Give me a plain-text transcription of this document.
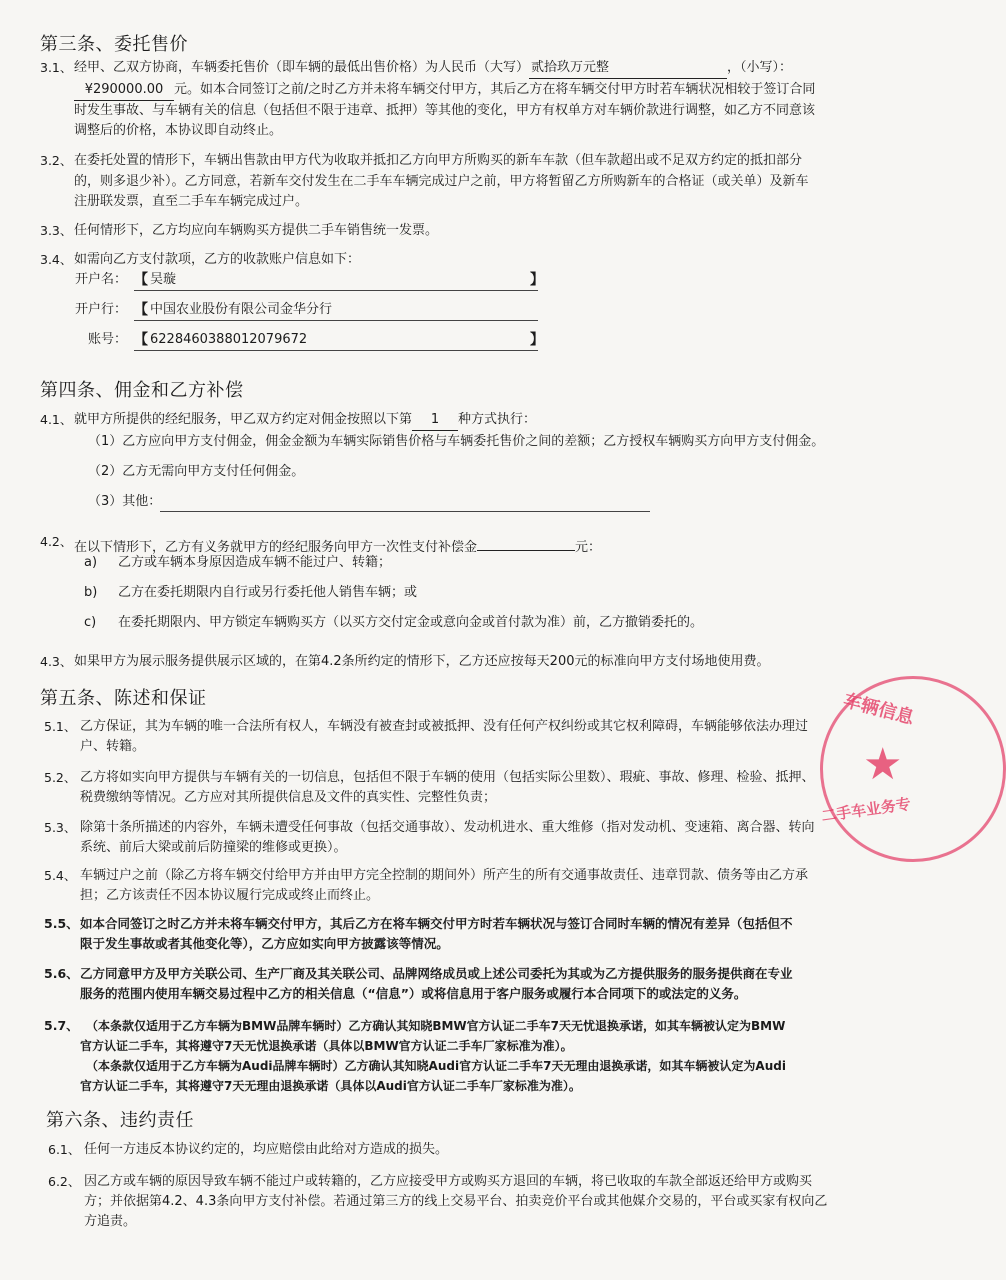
第三条、委托售价
3.1、 经甲、乙双方协商，车辆委托售价（即车辆的最低出售价格）为人民币（大写） 贰拾玖万元整	，（小写）：
¥290000.00 元。如本合同签订之前/之时乙方并未将车辆交付甲方，其后乙方在将车辆交付甲方时若车辆状况相较于签订合同
时发生事故、与车辆有关的信息（包括但不限于违章、抵押）等其他的变化，甲方有权单方对车辆价款进行调整，如乙方不同意该
调整后的价格，本协议即自动终止。
3.2、 在委托处置的情形下，车辆出售款由甲方代为收取并抵扣乙方向甲方所购买的新车车款（但车款超出或不足双方约定的抵扣部分
的，则多退少补）。乙方同意，若新车交付发生在二手车车辆完成过户之前，甲方将暂留乙方所购新车的合格证（或关单）及新车
注册联发票，直至二手车车辆完成过户。
3.3、 任何情形下，乙方均应向车辆购买方提供二手车销售统一发票。
3.4、 如需向乙方支付款项，乙方的收款账户信息如下：
开户名： 【 吴璇	】
开户行： 【 中国农业股份有限公司金华分行
账号： 【 6228460388012079672	】
第四条、佣金和乙方补偿
4.1、 就甲方所提供的经纪服务，甲乙双方约定对佣金按照以下第 1 种方式执行：
（1）乙方应向甲方支付佣金，佣金金额为车辆实际销售价格与车辆委托售价之间的差额；乙方授权车辆购买方向甲方支付佣金。
（2）乙方无需向甲方支付任何佣金。
（3）其他：
4.2、 在以下情形下，乙方有义务就甲方的经纪服务向甲方一次性支付补偿金	元：
a) 乙方或车辆本身原因造成车辆不能过户、转籍；
b) 乙方在委托期限内自行或另行委托他人销售车辆；或
c) 在委托期限内、甲方锁定车辆购买方（以买方交付定金或意向金或首付款为准）前，乙方撤销委托的。
4.3、 如果甲方为展示服务提供展示区域的，在第4.2条所约定的情形下，乙方还应按每天200元的标准向甲方支付场地使用费。
第五条、陈述和保证
5.1、 乙方保证，其为车辆的唯一合法所有权人，车辆没有被查封或被抵押、没有任何产权纠纷或其它权利障碍，车辆能够依法办理过
户、转籍。
5.2、 乙方将如实向甲方提供与车辆有关的一切信息，包括但不限于车辆的使用（包括实际公里数）、瑕疵、事故、修理、检验、抵押、
税费缴纳等情况。乙方应对其所提供信息及文件的真实性、完整性负责；
5.3、 除第十条所描述的内容外，车辆未遭受任何事故（包括交通事故）、发动机进水、重大维修（指对发动机、变速箱、离合器、转向
系统、前后大梁或前后防撞梁的维修或更换）。
5.4、 车辆过户之前（除乙方将车辆交付给甲方并由甲方完全控制的期间外）所产生的所有交通事故责任、违章罚款、债务等由乙方承
担；乙方该责任不因本协议履行完成或终止而终止。
5.5、 如本合同签订之时乙方并未将车辆交付甲方，其后乙方在将车辆交付甲方时若车辆状况与签订合同时车辆的情况有差异（包括但不
限于发生事故或者其他变化等），乙方应如实向甲方披露该等情况。
5.6、 乙方同意甲方及甲方关联公司、生产厂商及其关联公司、品牌网络成员或上述公司委托为其或为乙方提供服务的服务提供商在专业
服务的范围内使用车辆交易过程中乙方的相关信息（“信息”）或将信息用于客户服务或履行本合同项下的或法定的义务。
5.7、 （本条款仅适用于乙方车辆为BMW品牌车辆时）乙方确认其知晓BMW官方认证二手车7天无忧退换承诺，如其车辆被认定为BMW
官方认证二手车，其将遵守7天无忧退换承诺（具体以BMW官方认证二手车厂家标准为准）。
（本条款仅适用于乙方车辆为Audi品牌车辆时）乙方确认其知晓Audi官方认证二手车7天无理由退换承诺，如其车辆被认定为Audi
官方认证二手车，其将遵守7天无理由退换承诺（具体以Audi官方认证二手车厂家标准为准）。
第六条、违约责任
6.1、 任何一方违反本协议约定的，均应赔偿由此给对方造成的损失。
6.2、 因乙方或车辆的原因导致车辆不能过户或转籍的，乙方应接受甲方或购买方退回的车辆，将已收取的车款全部返还给甲方或购买
方；并依据第4.2、4.3条向甲方支付补偿。若通过第三方的线上交易平台、拍卖竞价平台或其他媒介交易的，平台或买家有权向乙
方追责。
车辆信息
★
二手车业务专
